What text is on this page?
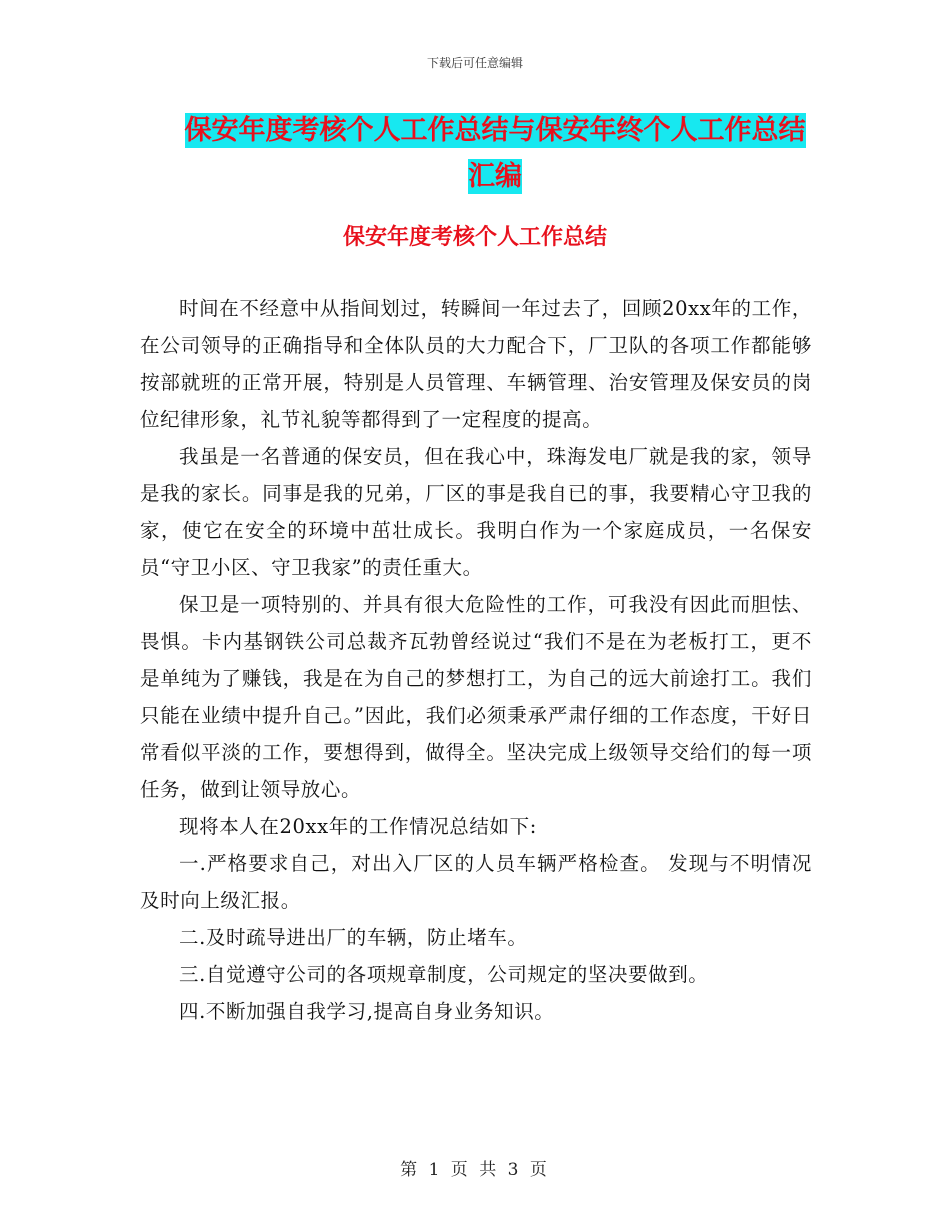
下载后可任意编辑
保安年度考核个人工作总结与保安年终个人工作总结
汇编
保安年度考核个人工作总结

时间在不经意中从指间划过，转瞬间一年过去了，回顾20xx年的工作，在公司领导的正确指导和全体队员的大力配合下，厂卫队的各项工作都能够按部就班的正常开展，特别是人员管理、车辆管理、治安管理及保安员的岗位纪律形象，礼节礼貌等都得到了一定程度的提高。

我虽是一名普通的保安员，但在我心中，珠海发电厂就是我的家，领导是我的家长。同事是我的兄弟，厂区的事是我自已的事，我要精心守卫我的家，使它在安全的环境中茁壮成长。我明白作为一个家庭成员，一名保安员“守卫小区、守卫我家”的责任重大。

保卫是一项特别的、并具有很大危险性的工作，可我没有因此而胆怯、畏惧。卡内基钢铁公司总裁齐瓦勃曾经说过“我们不是在为老板打工，更不是单纯为了赚钱，我是在为自己的梦想打工，为自己的远大前途打工。我们只能在业绩中提升自己。”因此，我们必须秉承严肃仔细的工作态度，干好日常看似平淡的工作，要想得到，做得全。坚决完成上级领导交给们的每一项任务，做到让领导放心。

现将本人在20xx年的工作情况总结如下:

一.严格要求自己，对出入厂区的人员车辆严格检查。 发现与不明情况及时向上级汇报。

二.及时疏导进出厂的车辆，防止堵车。

三.自觉遵守公司的各项规章制度，公司规定的坚决要做到。

四.不断加强自我学习,提高自身业务知识。

第 1 页 共 3 页
